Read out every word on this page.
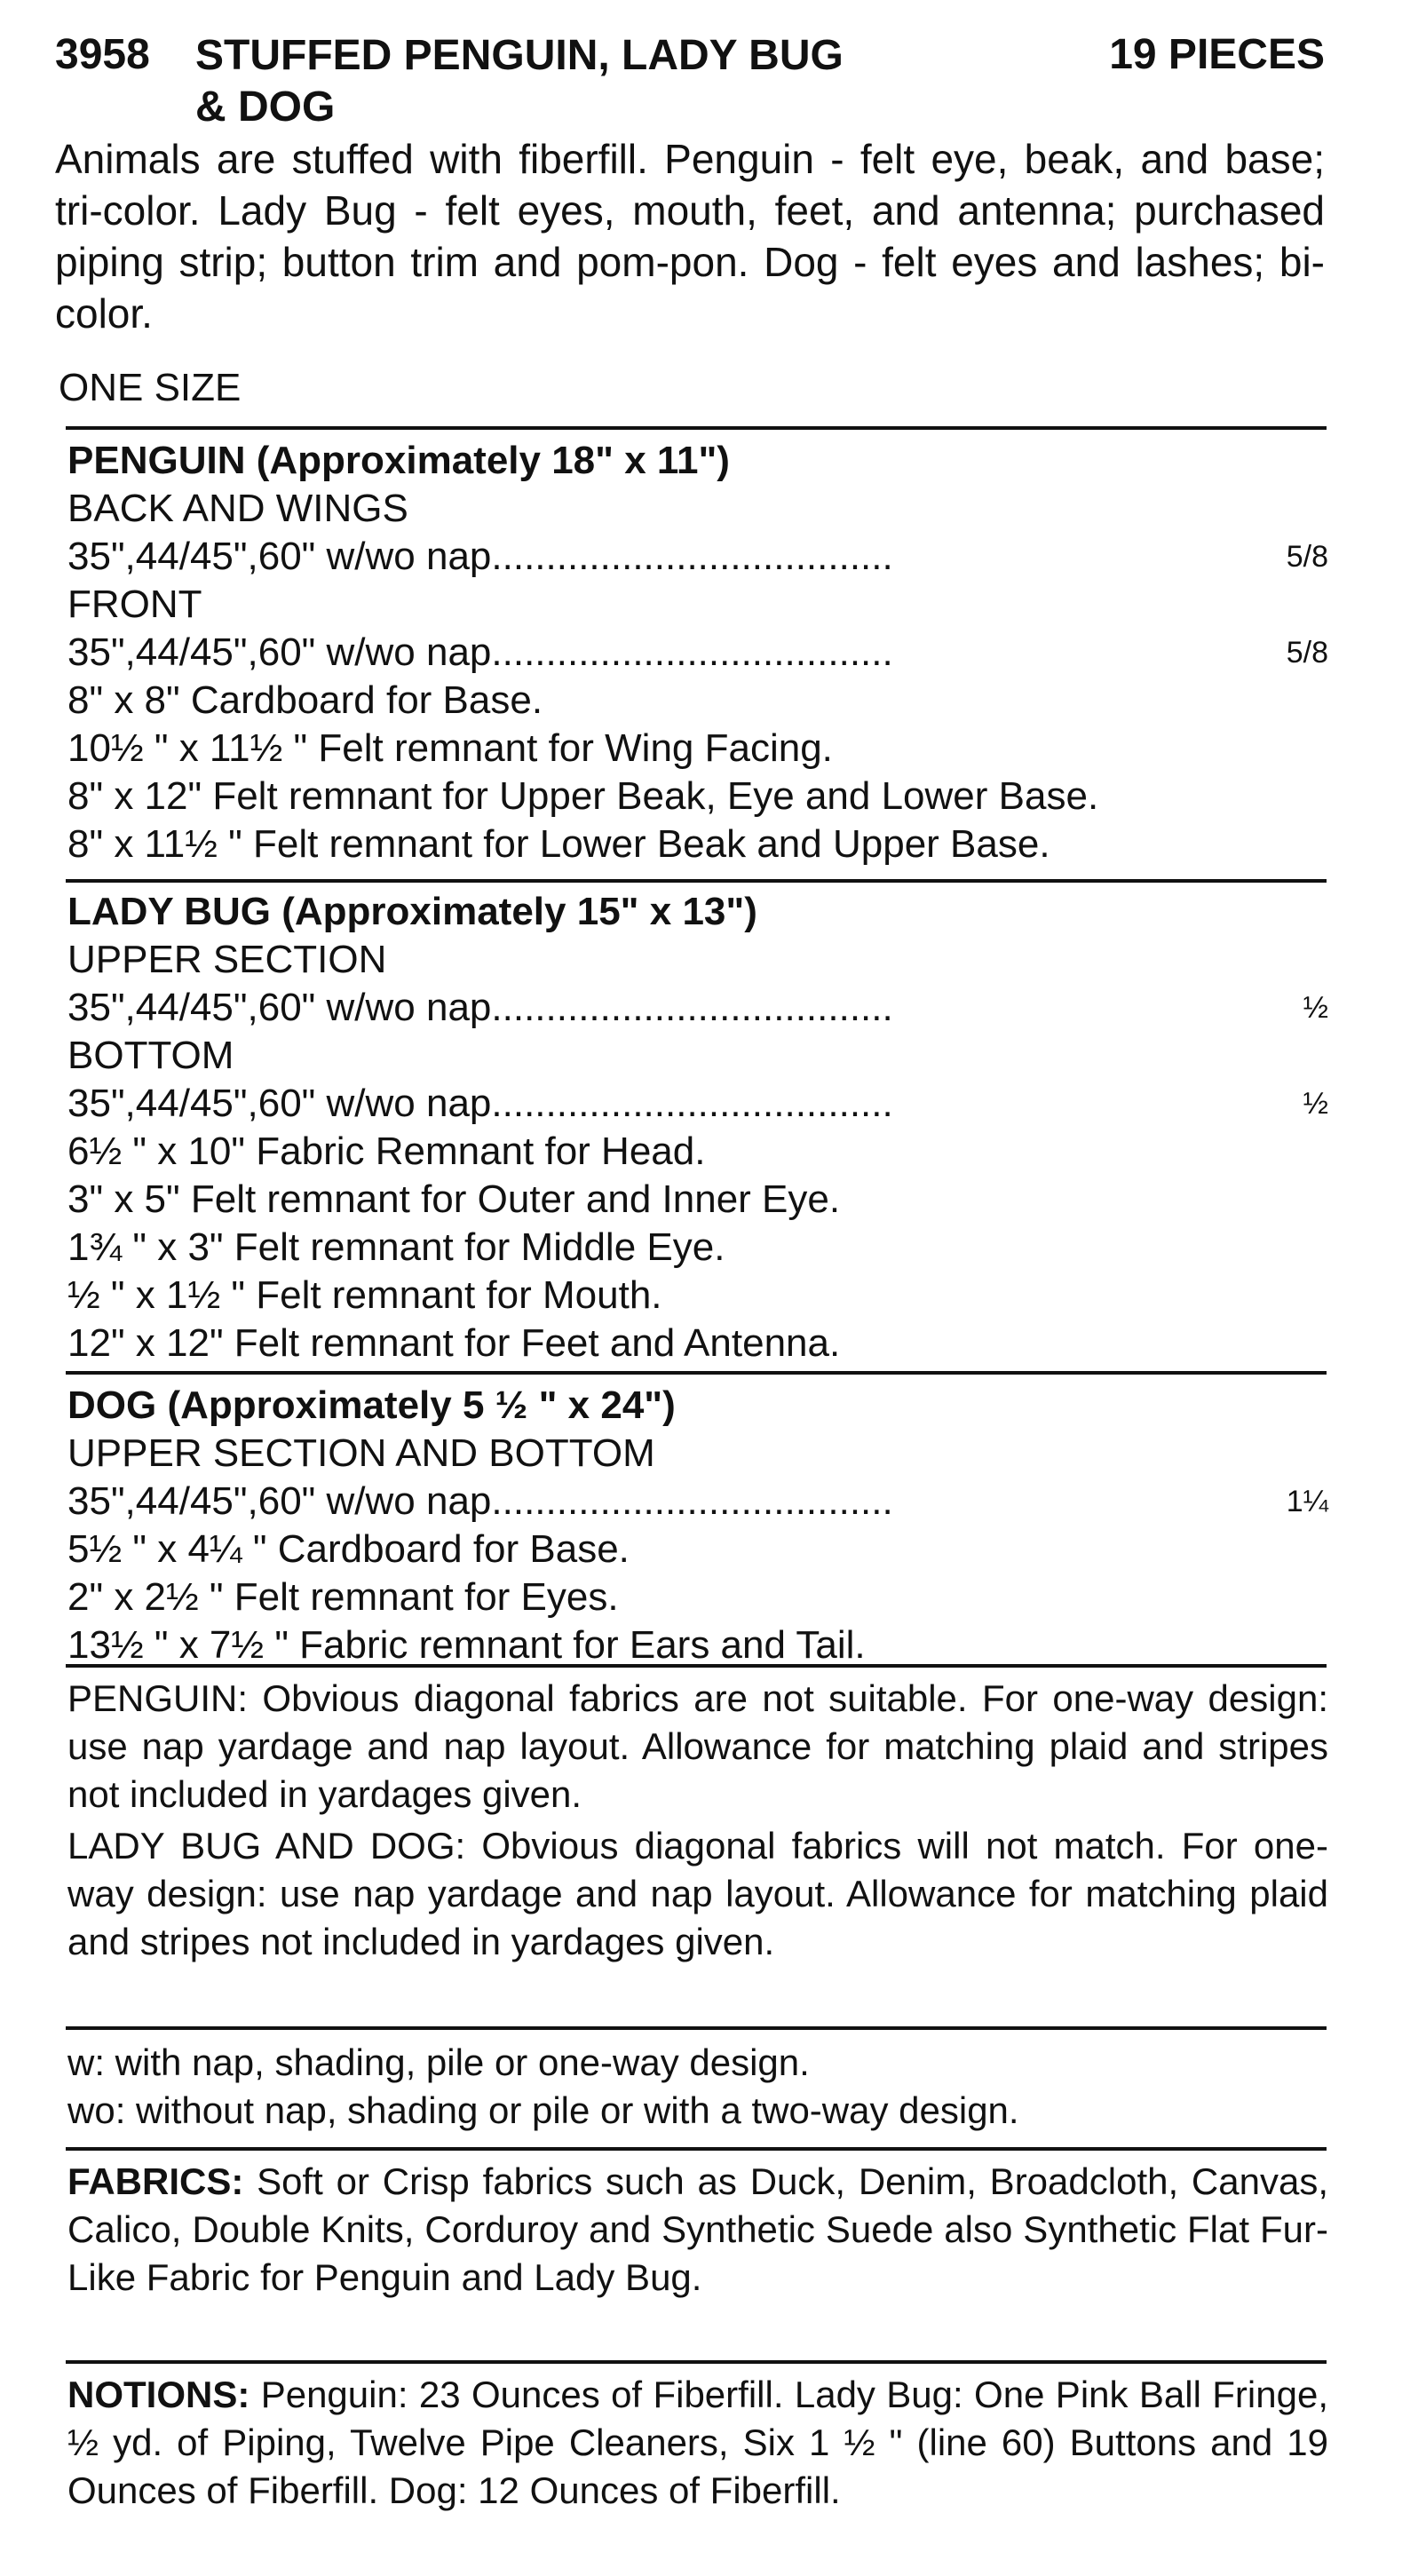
3958 STUFFED PENGUIN, LADY BUG
& DOG
19 PIECES
Animals are stuffed with fiberfill. Penguin - felt eye, beak, and base; tri-color. Lady Bug - felt eyes, mouth, feet, and antenna; purchased piping strip; button trim and pom-pon. Dog - felt eyes and lashes; bi-color.
ONE SIZE
PENGUIN (Approximately 18" x 11")
BACK AND WINGS
35",44/45",60" w/wo nap.....................................	5/8
FRONT
35",44/45",60" w/wo nap.....................................	5/8
8" x 8" Cardboard for Base.
10½ " x 11½ " Felt remnant for Wing Facing.
8" x 12" Felt remnant for Upper Beak, Eye and Lower Base.
8" x 11½ " Felt remnant for Lower Beak and Upper Base.
LADY BUG (Approximately 15" x 13")
UPPER SECTION
35",44/45",60" w/wo nap.....................................	½
BOTTOM
35",44/45",60" w/wo nap.....................................	½
6½ " x 10" Fabric Remnant for Head.
3" x 5" Felt remnant for Outer and Inner Eye.
1¾ " x 3" Felt remnant for Middle Eye.
½ " x 1½ " Felt remnant for Mouth.
12" x 12" Felt remnant for Feet and Antenna.
DOG (Approximately 5 ½ " x 24")
UPPER SECTION AND BOTTOM
35",44/45",60" w/wo nap.....................................	1¼
5½ " x 4¼ " Cardboard for Base.
2" x 2½ " Felt remnant for Eyes.
13½ " x 7½ " Fabric remnant for Ears and Tail.
PENGUIN: Obvious diagonal fabrics are not suitable. For one-way design: use nap yardage and nap layout. Allowance for matching plaid and stripes not included in yardages given.
LADY BUG AND DOG: Obvious diagonal fabrics will not match. For one-way design: use nap yardage and nap layout. Allowance for matching plaid and stripes not included in yardages given.
w: with nap, shading, pile or one-way design.
wo: without nap, shading or pile or with a two-way design.
FABRICS: Soft or Crisp fabrics such as Duck, Denim, Broadcloth, Canvas, Calico, Double Knits, Corduroy and Synthetic Suede also Synthetic Flat Fur-Like Fabric for Penguin and Lady Bug.
NOTIONS: Penguin: 23 Ounces of Fiberfill. Lady Bug: One Pink Ball Fringe, ½ yd. of Piping, Twelve Pipe Cleaners, Six 1 ½ " (line 60) Buttons and 19 Ounces of Fiberfill. Dog: 12 Ounces of Fiberfill.
